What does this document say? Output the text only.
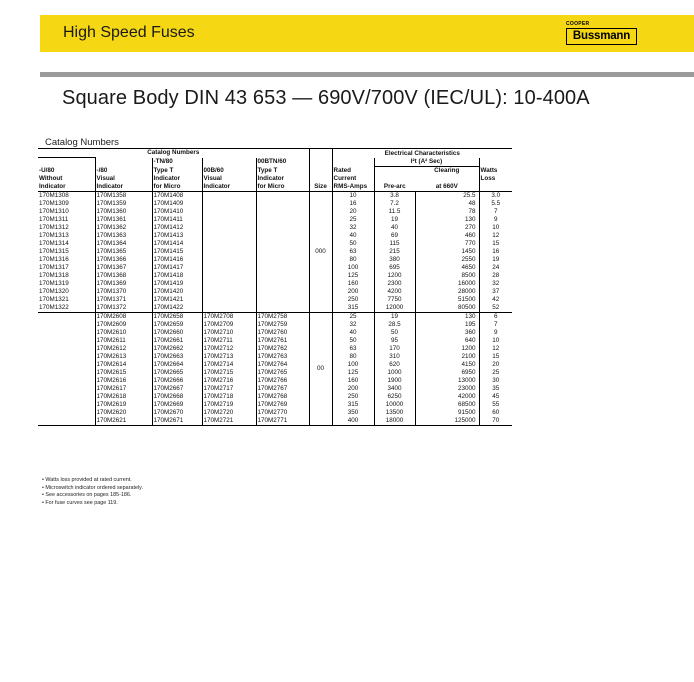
High Speed Fuses	COOPER
Bussmann
Square Body DIN 43 653 — 690V/700V (IEC/UL): 10-400A
Catalog Numbers
Catalog Numbers						Electrical Characteristics			
		-TN/80		00BTN/60			I²t (A² Sec)		
-U/80	-/80	Type T	00B/60	Type T		Rated		Clearing	Watts
Without	Visual	Indicator	Visual	Indicator		Current			Loss
Indicator	Indicator	for Micro	Indicator	for Micro	Size	RMS-Amps	Pre-arc	at 660V	
170M1308	170M1358	170M1408			000	10	3.8	25.5	3.0
170M1309	170M1359	170M1409				16	7.2	48	5.5
170M1310	170M1360	170M1410				20	11.5	78	7
170M1311	170M1361	170M1411				25	19	130	9
170M1312	170M1362	170M1412				32	40	270	10
170M1313	170M1363	170M1413				40	69	460	12
170M1314	170M1364	170M1414				50	115	770	15
170M1315	170M1365	170M1415				63	215	1450	16
170M1316	170M1366	170M1416				80	380	2550	19
170M1317	170M1367	170M1417				100	695	4650	24
170M1318	170M1368	170M1418				125	1200	8500	28
170M1319	170M1369	170M1419				160	2300	16000	32
170M1320	170M1370	170M1420				200	4200	28000	37
170M1321	170M1371	170M1421				250	7750	51500	42
170M1322	170M1372	170M1422				315	12000	80500	52
	170M2608	170M2658	170M2708	170M2758	00	25	19	130	6
	170M2609	170M2659	170M2709	170M2759		32	28.5	195	7
	170M2610	170M2660	170M2710	170M2760		40	50	360	9
	170M2611	170M2661	170M2711	170M2761		50	95	640	10
	170M2612	170M2662	170M2712	170M2762		63	170	1200	12
	170M2613	170M2663	170M2713	170M2763		80	310	2100	15
	170M2614	170M2664	170M2714	170M2764		100	620	4150	20
	170M2615	170M2665	170M2715	170M2765		125	1000	6950	25
	170M2616	170M2666	170M2716	170M2766		160	1900	13000	30
	170M2617	170M2667	170M2717	170M2767		200	3400	23000	35
	170M2618	170M2668	170M2718	170M2768		250	6250	42000	45
	170M2619	170M2669	170M2719	170M2769		315	10000	68500	55
	170M2620	170M2670	170M2720	170M2770		350	13500	91500	60
	170M2621	170M2671	170M2721	170M2771		400	18000	125000	70
• Watts loss provided at rated current.
• Microswitch indicator ordered separately.
• See accessories on pages 185-186.
• For fuse curves see page 119.
